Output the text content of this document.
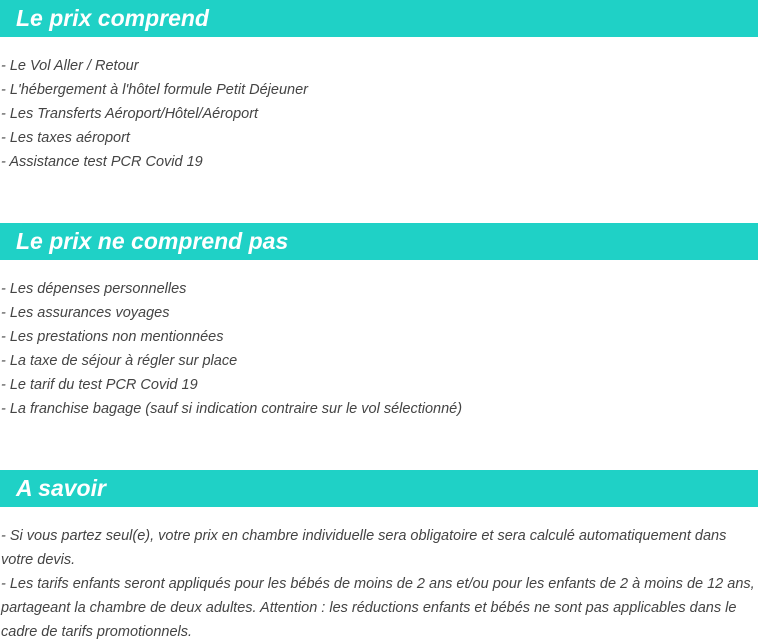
Le prix comprend
- Le Vol Aller / Retour
- L'hébergement à l'hôtel formule Petit Déjeuner
- Les Transferts Aéroport/Hôtel/Aéroport
- Les taxes aéroport
- Assistance test PCR Covid 19
Le prix ne comprend pas
- Les dépenses personnelles
- Les assurances voyages
- Les prestations non mentionnées
- La taxe de séjour à régler sur place
- Le tarif du test PCR Covid 19
- La franchise bagage (sauf si indication contraire sur le vol sélectionné)
A savoir
- Si vous partez seul(e), votre prix en chambre individuelle sera obligatoire et sera calculé automatiquement dans votre devis.
- Les tarifs enfants seront appliqués pour les bébés de moins de 2 ans et/ou pour les enfants de 2 à moins de 12 ans, partageant la chambre de deux adultes. Attention : les réductions enfants et bébés ne sont pas applicables dans le cadre de tarifs promotionnels.
